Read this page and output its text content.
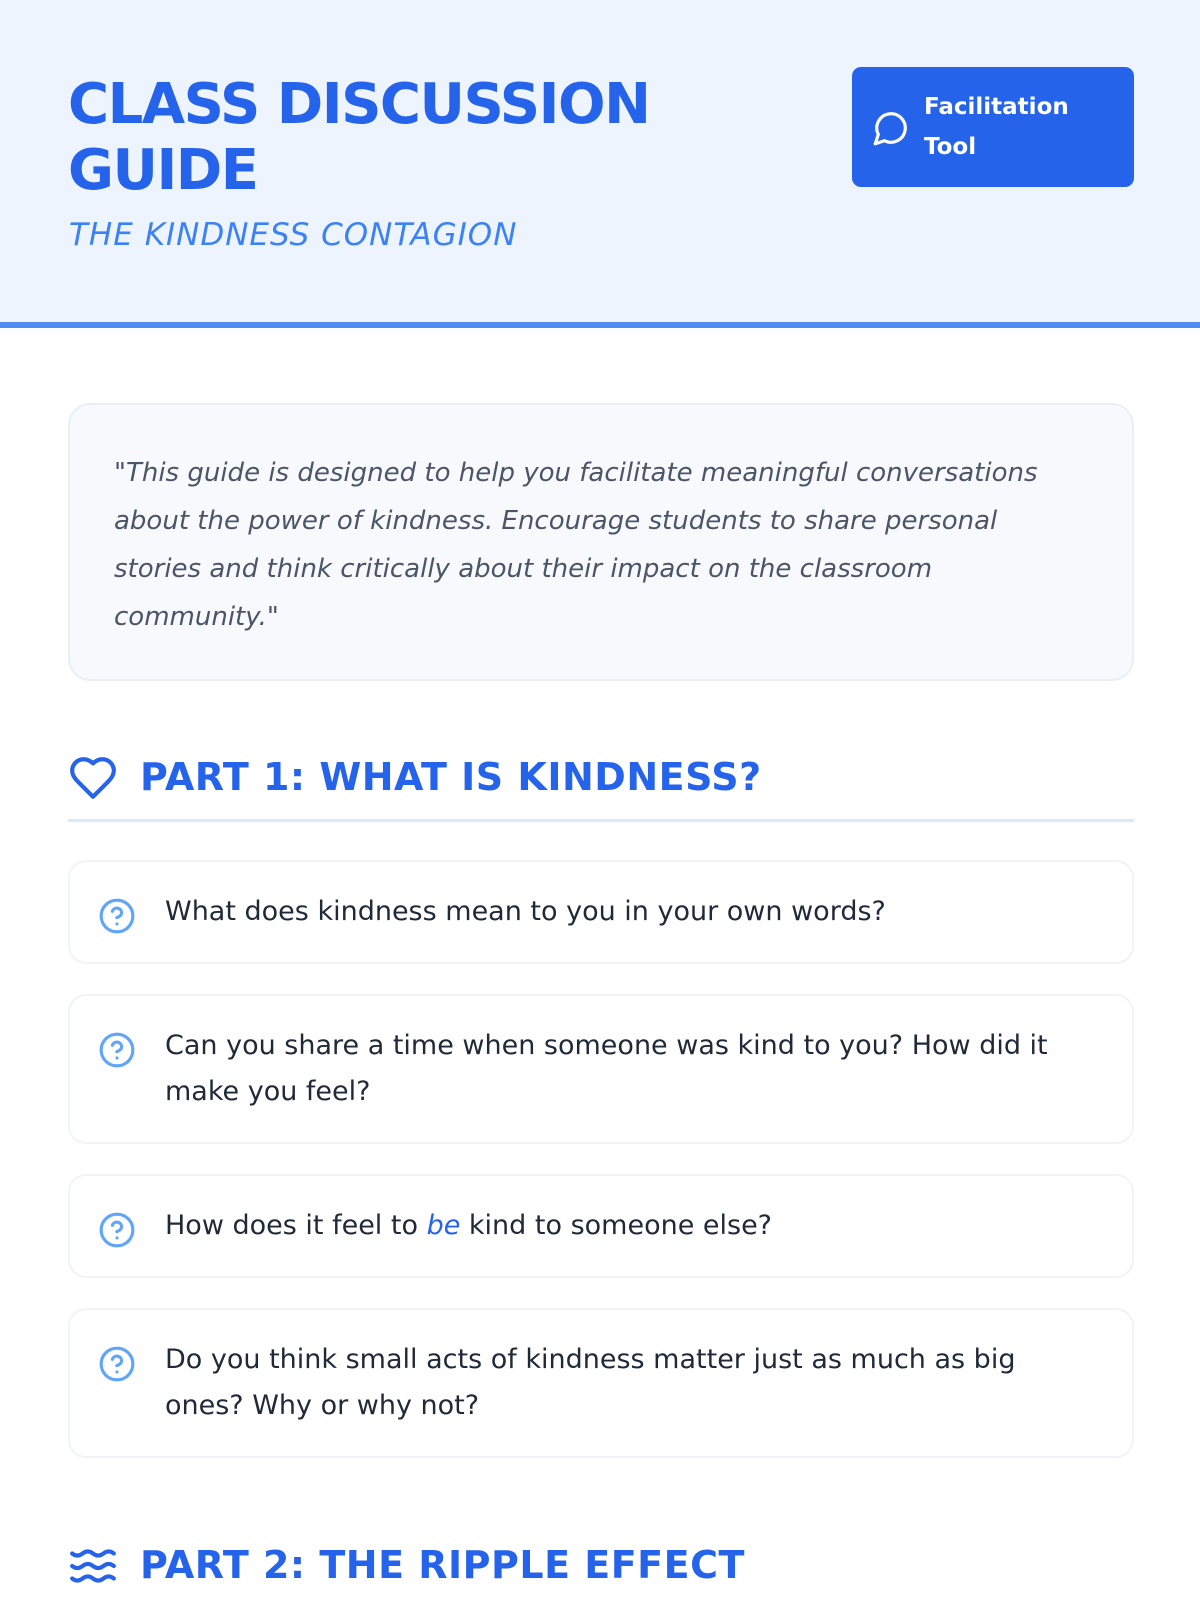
CLASS DISCUSSION GUIDE
THE KINDNESS CONTAGION
Facilitation Tool

"This guide is designed to help you facilitate meaningful conversations about the power of kindness. Encourage students to share personal stories and think critically about their impact on the classroom community."

PART 1: WHAT IS KINDNESS?
What does kindness mean to you in your own words?
Can you share a time when someone was kind to you? How did it make you feel?
How does it feel to be kind to someone else?
Do you think small acts of kindness matter just as much as big ones? Why or why not?
PART 2: THE RIPPLE EFFECT
